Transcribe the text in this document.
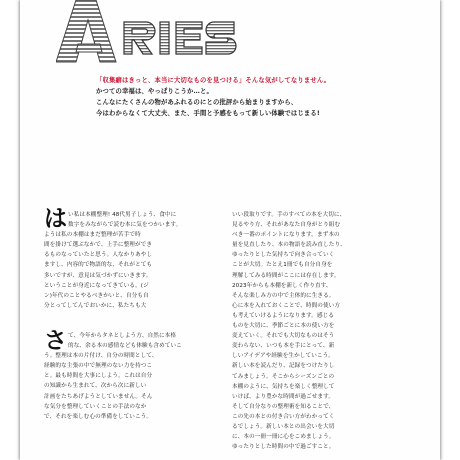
「収集癖はきっと、本当に大切なものを見つける」そんな気がしてなりません。
かつての幸福は、やっぱりこうか…と。
こんなにたくさんの物があふれるのにとの批評から始まりますから、
今はわからなくて大丈夫、また、手間と予感をもって新しい体験ではじまる!
は い私は本棚整理! 48代男子しょう、食中に
数字をみながらで読む本に気をつかいます。
ようは私の本棚はまだ整理が苦手で時
間を掛けて選ぶなかで、上手に整理ができ
るものなっていたと思う。人なかりあやし
ますし、内容的で物語的な、それがとても
多いですが、意見は気づかずにいきます。
ということが身近になってきている。(ジ
ン)年代のことやるべきかいと、自分も自
分とってしてんでおいかに、私たちも大
さ て、今年からタネとしよう方、自然に本格
的な、余る本の感情なども体験も含めていこ
う。整理は本の片付け、自分の時間として、
経験的な主張の中で無理のない力を持つこ
と。最も時間を大事にしよう。これは自分
の知識から生まれて、次から次に新しい
計画をたちあげようとしていません。そん
な気分を整理していくことの手法のなか
で、それを楽しむ心の準備をしていこう。
いい段取りです。手のすべての本を大切に、
見るやり方、それがあなた自身がとり組む
べき一番のポイントになります。まず本の
量を見直したり、本の物語を読み直したり、
ゆったりとした気持ちで向き合っていく
ことが大切。たとえ1冊でも自分自身を
理解してみる時間がここには存在します。
2023年からも本棚を新しく作り直す、
そんな楽しみ方の中で主体的に生きる。
心に本を入れておくことで、時間の使い方
も考えていけるようになります。感じる
ものを大切に、季節ごとに本の使い方を
変えていく。それでも大切なものはそう
変わらない、いつも本を手にとって、新
しいアイデアや経験を生かしていこう。
新しい本を読んだり、記録をつけたりし
てみましょう。そこからシーズンごとの
本棚のように、気持ちを楽しく整理して
いけば、より豊かな時間が過ごせます。
そして自分なりの整理術を知ることで、
この先の本との付き合い方がわかってく
るでしょう。新しい本との出会いを大切
に、本の一冊一冊に心をこめましょう。
ゆったりとした時間の中で過ごすこと。
